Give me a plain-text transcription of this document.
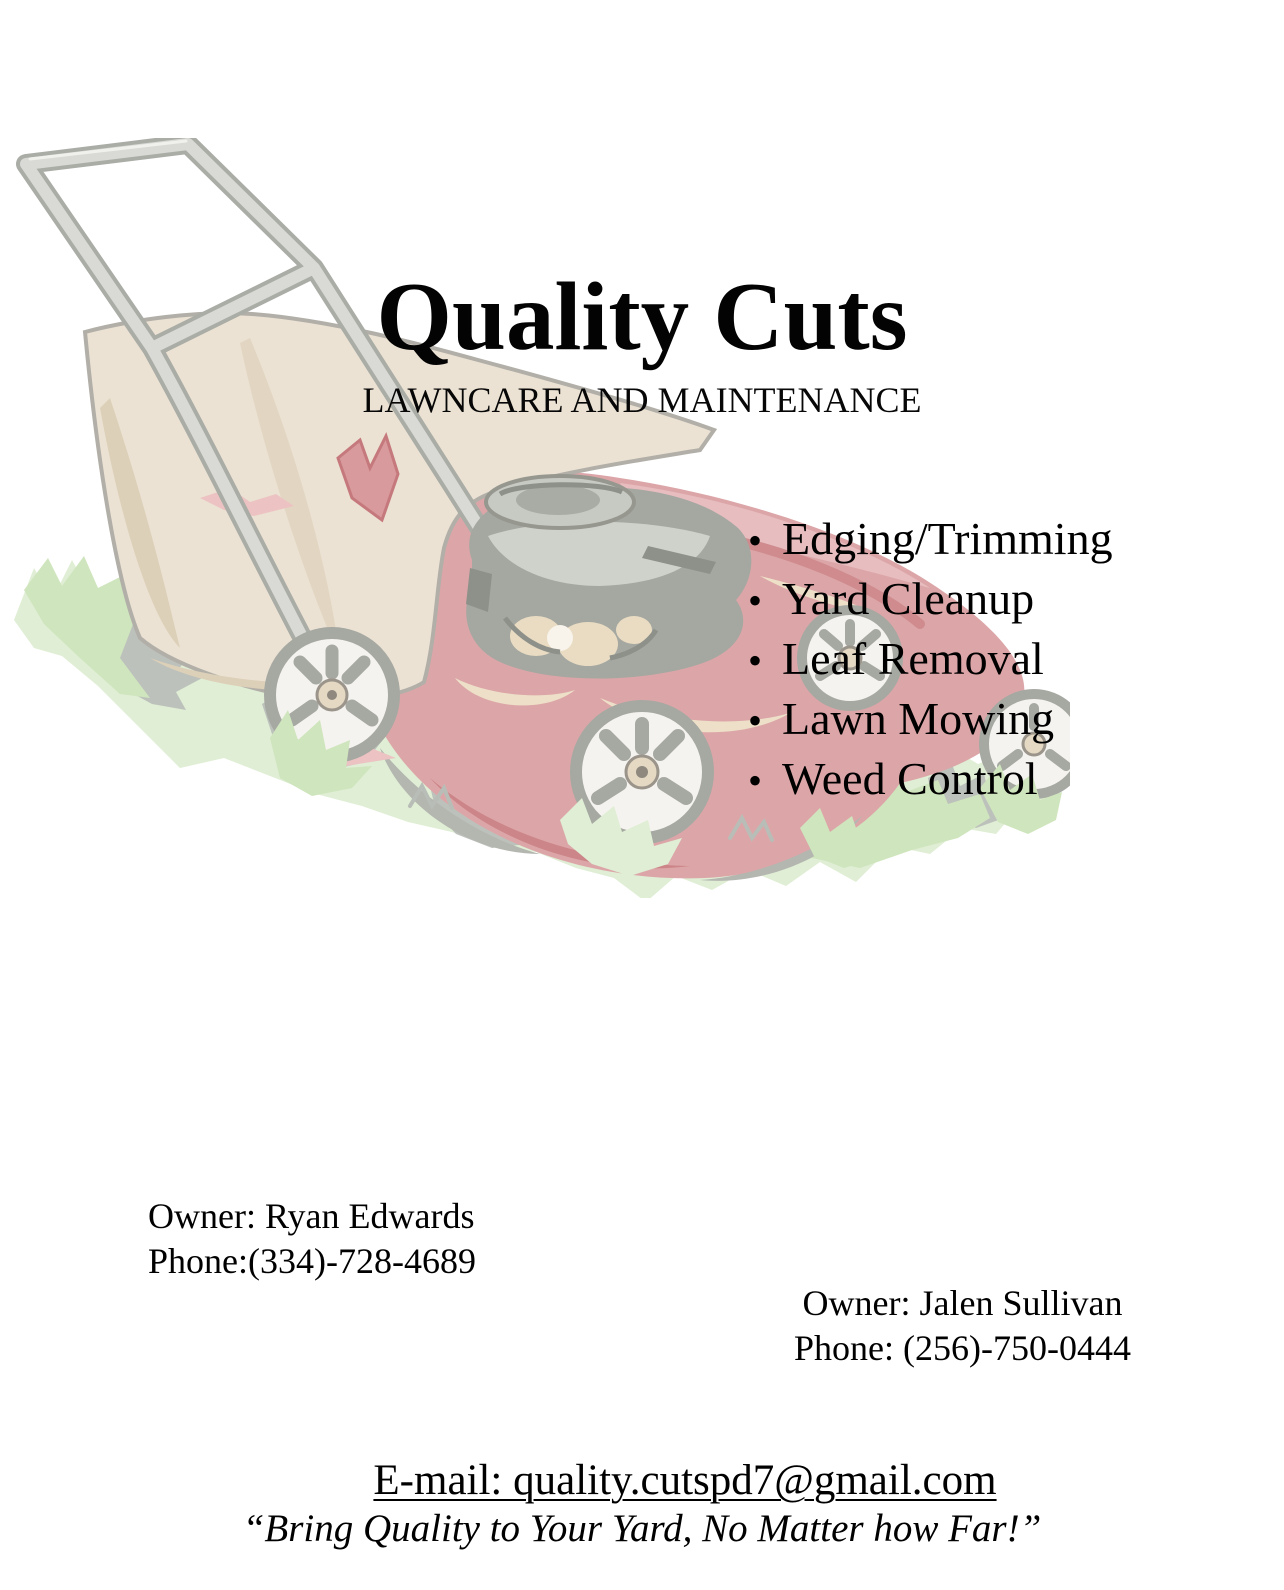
Quality Cuts
LAWNCARE AND MAINTENANCE
• Edging/Trimming
• Yard Cleanup
• Leaf Removal
• Lawn Mowing
• Weed Control
Owner: Ryan Edwards
Phone:(334)-728-4689
Owner: Jalen Sullivan
Phone: (256)-750-0444
E-mail: quality.cutspd7@gmail.com
“Bring Quality to Your Yard, No Matter how Far!”
